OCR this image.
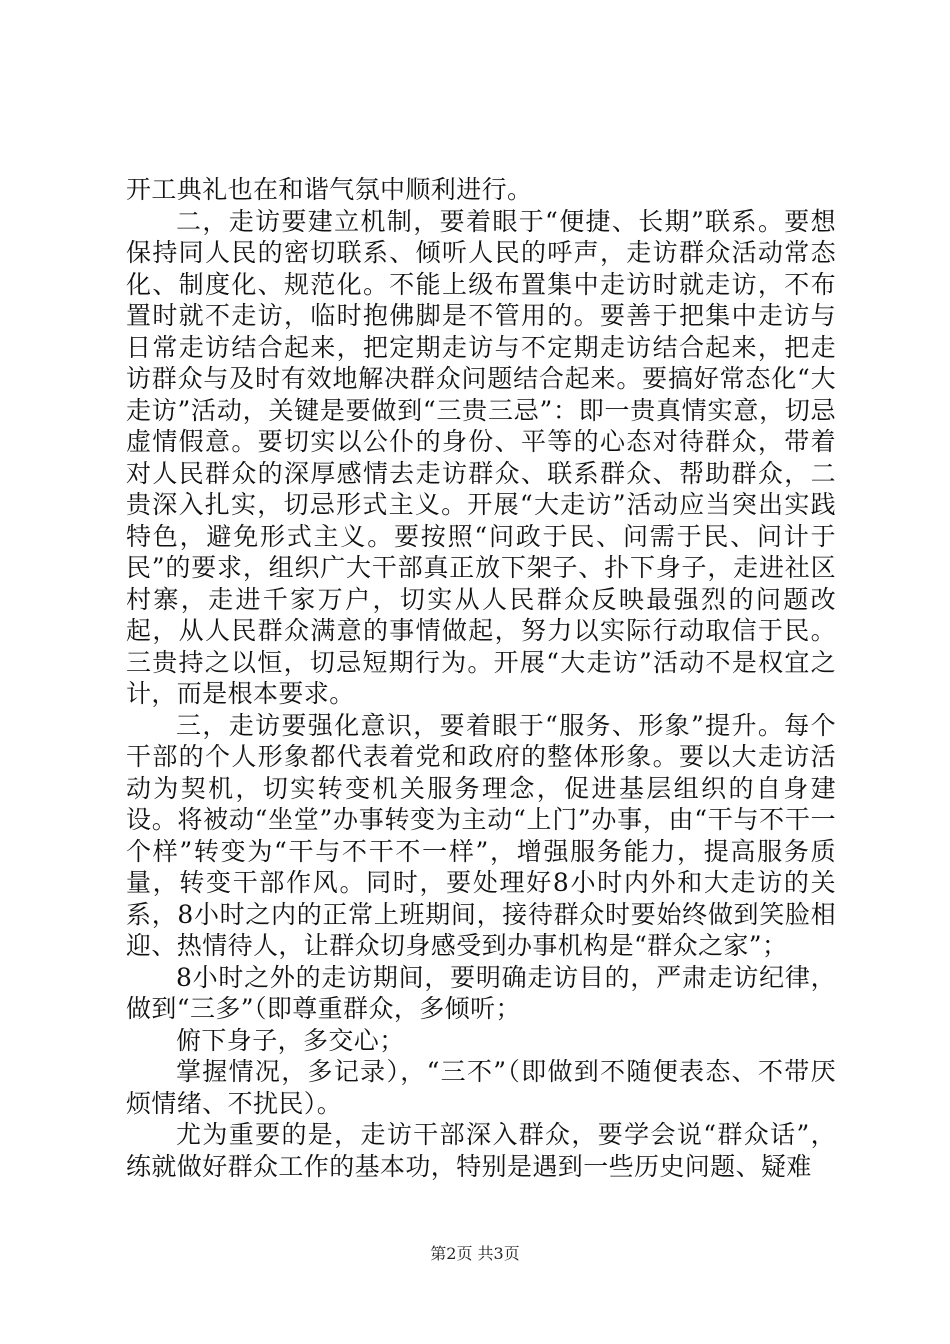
开工典礼也在和谐气氛中顺利进行。

二，走访要建立机制，要着眼于“便捷、长期”联系。要想保持同人民的密切联系、倾听人民的呼声，走访群众活动常态化、制度化、规范化。不能上级布置集中走访时就走访，不布置时就不走访，临时抱佛脚是不管用的。要善于把集中走访与日常走访结合起来，把定期走访与不定期走访结合起来，把走访群众与及时有效地解决群众问题结合起来。要搞好常态化“大走访”活动，关键是要做到“三贵三忌”：即一贵真情实意，切忌虚情假意。要切实以公仆的身份、平等的心态对待群众，带着对人民群众的深厚感情去走访群众、联系群众、帮助群众，二贵深入扎实，切忌形式主义。开展“大走访”活动应当突出实践特色，避免形式主义。要按照“问政于民、问需于民、问计于民”的要求，组织广大干部真正放下架子、扑下身子，走进社区村寨，走进千家万户，切实从人民群众反映最强烈的问题改起，从人民群众满意的事情做起，努力以实际行动取信于民。三贵持之以恒，切忌短期行为。开展“大走访”活动不是权宜之计，而是根本要求。

三，走访要强化意识，要着眼于“服务、形象”提升。每个干部的个人形象都代表着党和政府的整体形象。要以大走访活动为契机，切实转变机关服务理念，促进基层组织的自身建设。将被动“坐堂”办事转变为主动“上门”办事，由“干与不干一个样”转变为“干与不干不一样”，增强服务能力，提高服务质量，转变干部作风。同时，要处理好8小时内外和大走访的关系，8小时之内的正常上班期间，接待群众时要始终做到笑脸相迎、热情待人，让群众切身感受到办事机构是“群众之家”；

8小时之外的走访期间，要明确走访目的，严肃走访纪律，做到“三多”（即尊重群众，多倾听；

俯下身子，多交心；

掌握情况，多记录），“三不”（即做到不随便表态、不带厌烦情绪、不扰民）。

尤为重要的是，走访干部深入群众，要学会说“群众话”，练就做好群众工作的基本功，特别是遇到一些历史问题、疑难

第2页 共3页
